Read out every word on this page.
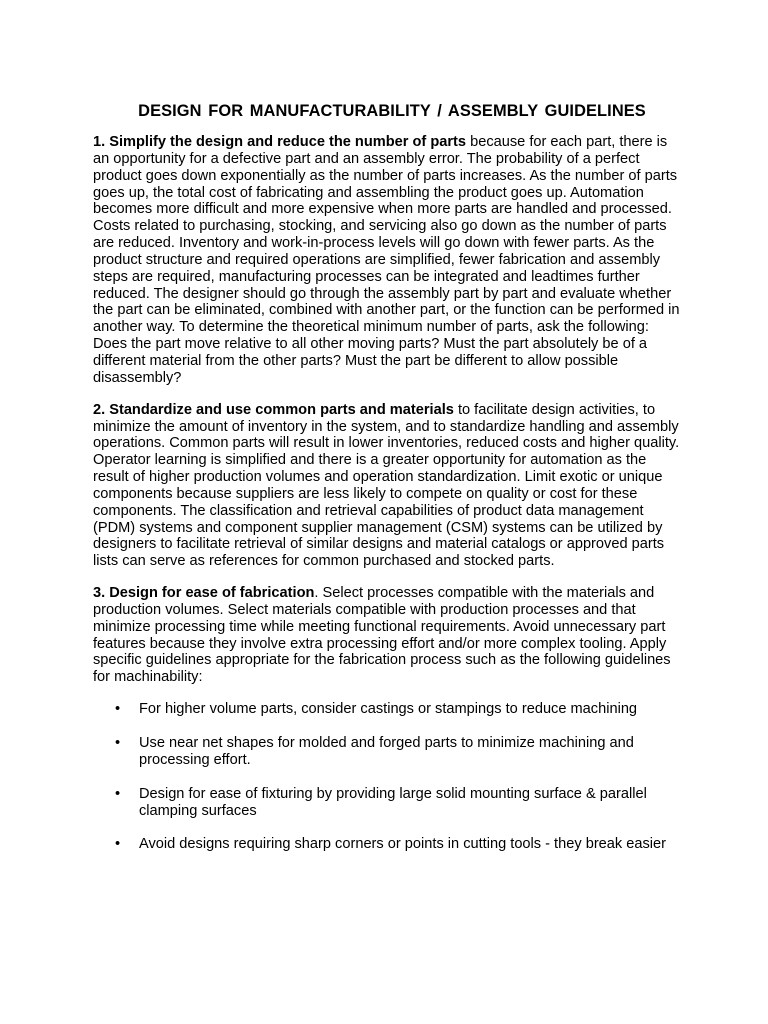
DESIGN FOR MANUFACTURABILITY / ASSEMBLY GUIDELINES

1. Simplify the design and reduce the number of parts because for each part, there is an opportunity for a defective part and an assembly error. The probability of a perfect product goes down exponentially as the number of parts increases. As the number of parts goes up, the total cost of fabricating and assembling the product goes up. Automation becomes more difficult and more expensive when more parts are handled and processed. Costs related to purchasing, stocking, and servicing also go down as the number of parts are reduced. Inventory and work-in-process levels will go down with fewer parts. As the product structure and required operations are simplified, fewer fabrication and assembly steps are required, manufacturing processes can be integrated and leadtimes further reduced. The designer should go through the assembly part by part and evaluate whether the part can be eliminated, combined with another part, or the function can be performed in another way. To determine the theoretical minimum number of parts, ask the following: Does the part move relative to all other moving parts? Must the part absolutely be of a different material from the other parts? Must the part be different to allow possible disassembly?

2. Standardize and use common parts and materials to facilitate design activities, to minimize the amount of inventory in the system, and to standardize handling and assembly operations. Common parts will result in lower inventories, reduced costs and higher quality. Operator learning is simplified and there is a greater opportunity for automation as the result of higher production volumes and operation standardization. Limit exotic or unique components because suppliers are less likely to compete on quality or cost for these components. The classification and retrieval capabilities of product data management (PDM) systems and component supplier management (CSM) systems can be utilized by designers to facilitate retrieval of similar designs and material catalogs or approved parts lists can serve as references for common purchased and stocked parts.

3. Design for ease of fabrication. Select processes compatible with the materials and production volumes. Select materials compatible with production processes and that minimize processing time while meeting functional requirements. Avoid unnecessary part features because they involve extra processing effort and/or more complex tooling. Apply specific guidelines appropriate for the fabrication process such as the following guidelines for machinability:

• For higher volume parts, consider castings or stampings to reduce machining
• Use near net shapes for molded and forged parts to minimize machining and processing effort.
• Design for ease of fixturing by providing large solid mounting surface & parallel clamping surfaces
• Avoid designs requiring sharp corners or points in cutting tools - they break easier
